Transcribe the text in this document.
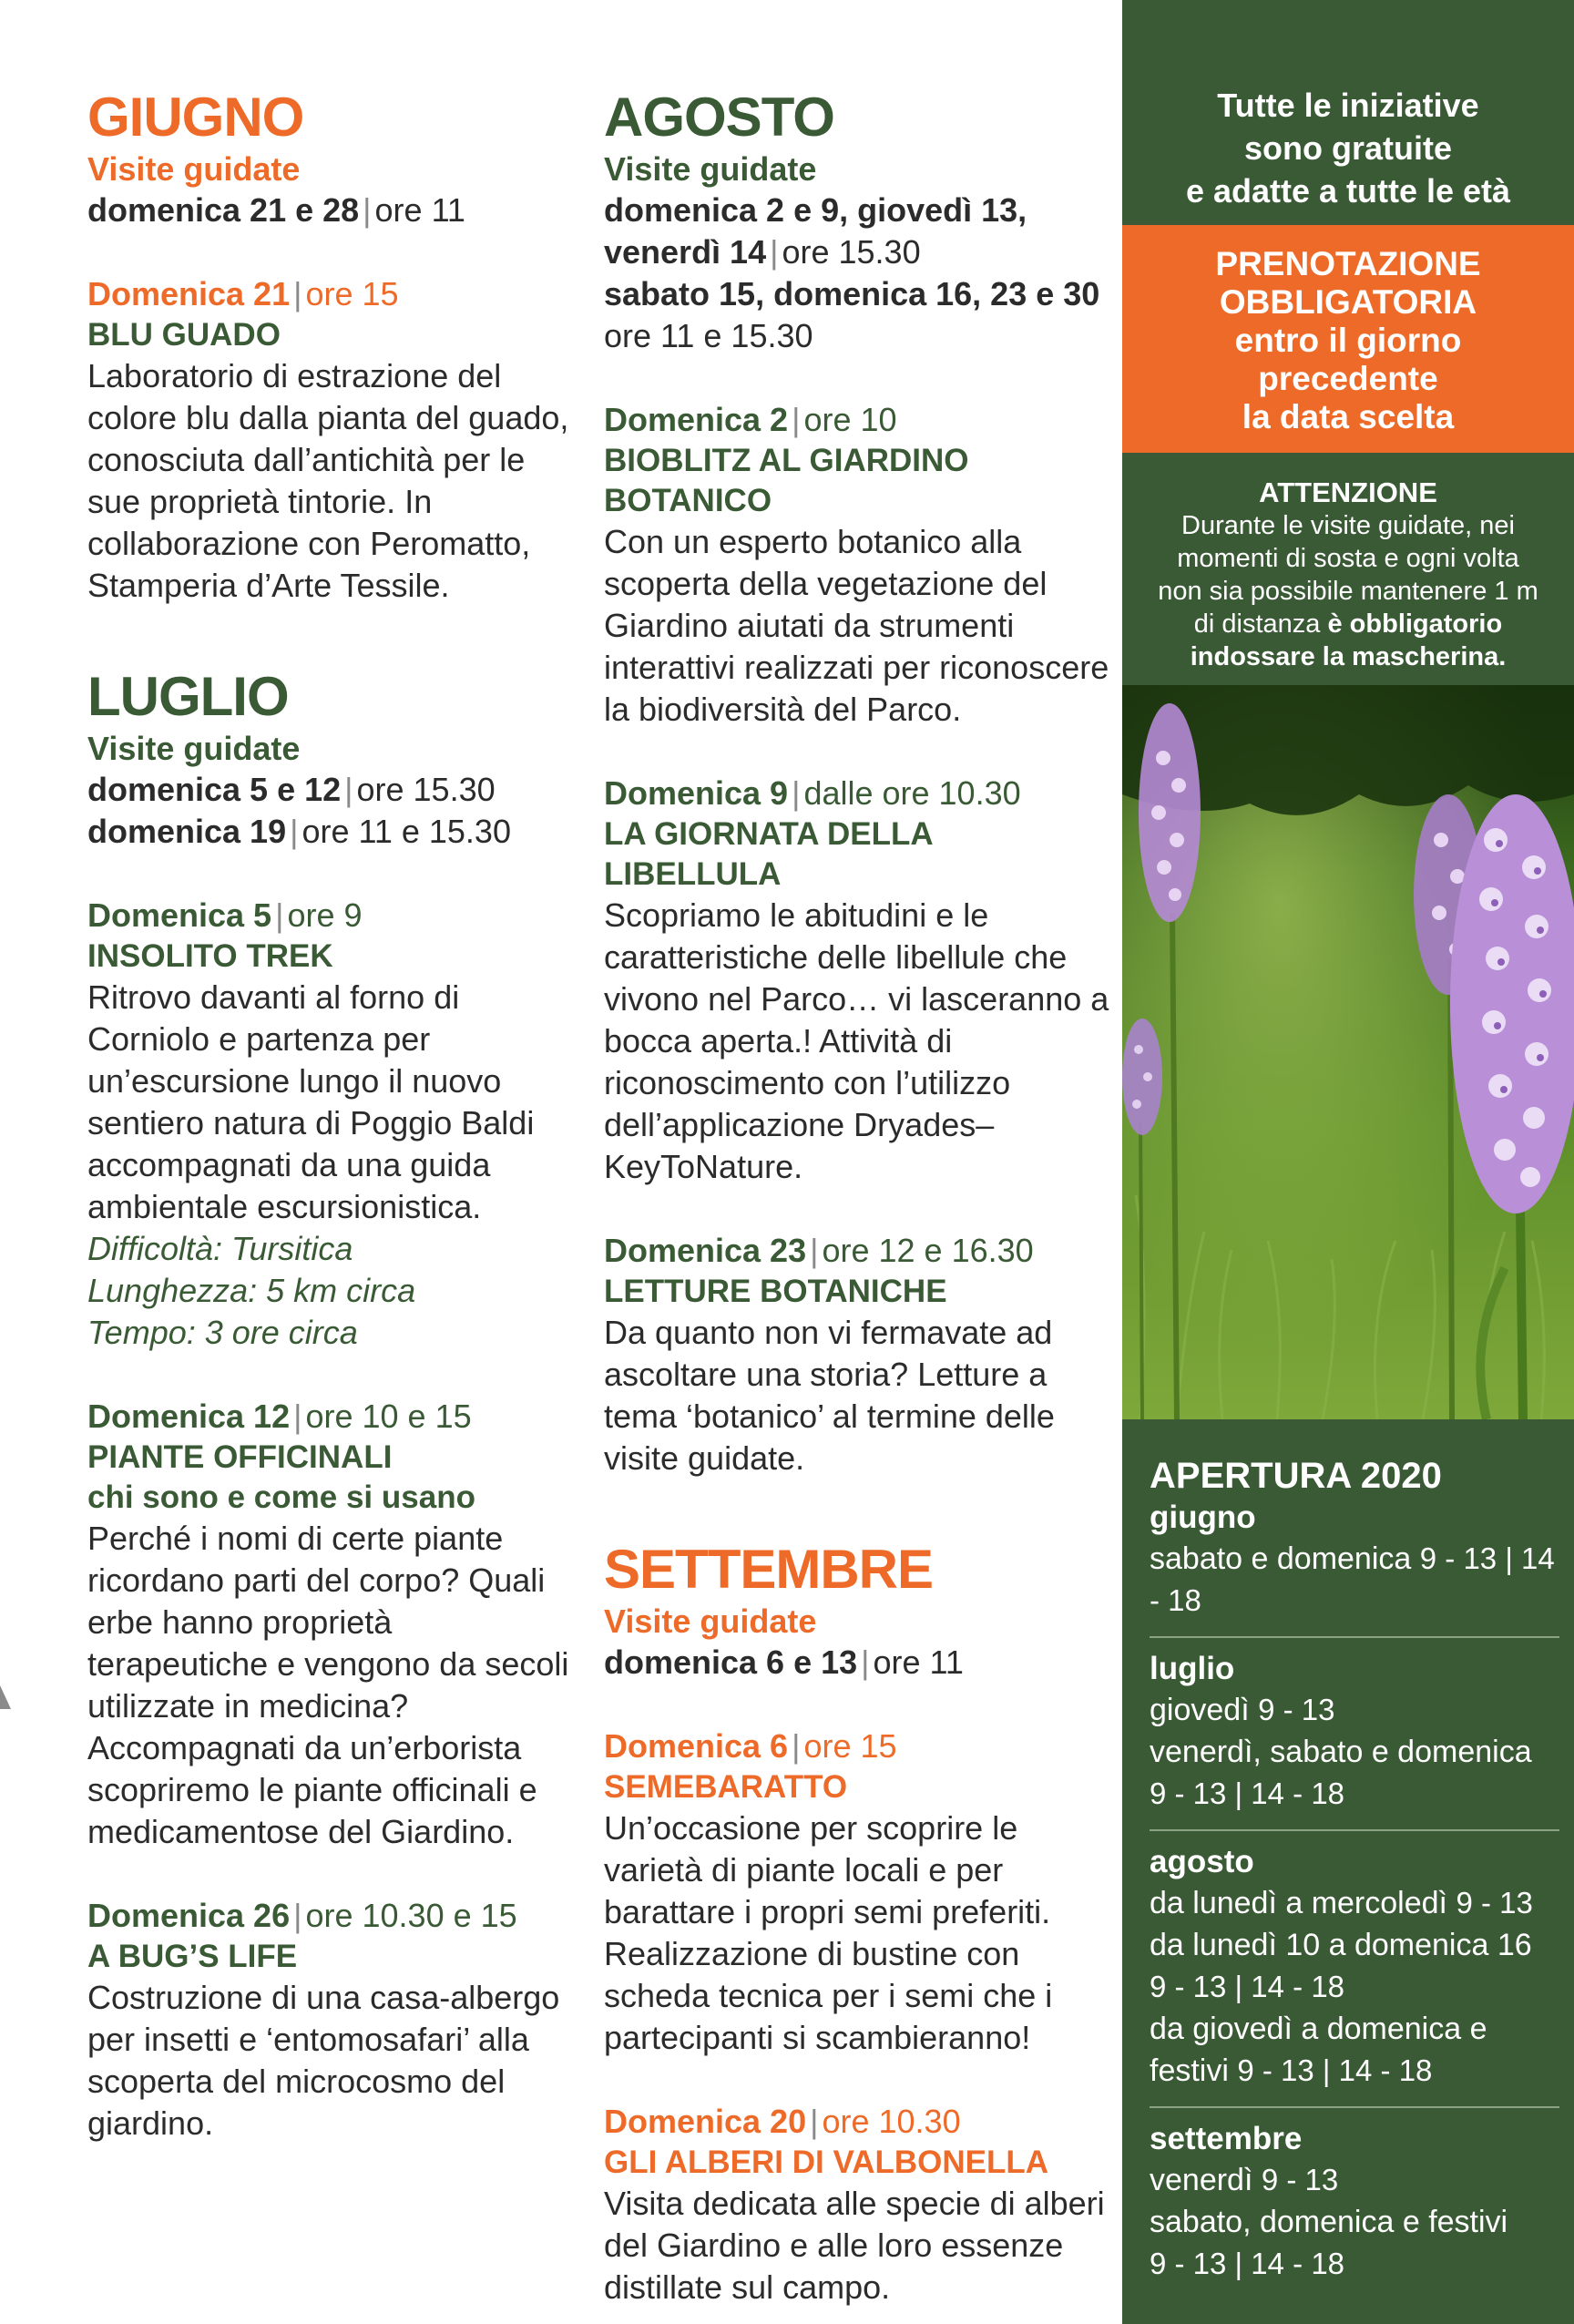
GIUGNO
Visite guidate
domenica 21 e 28 | ore 11
Domenica 21 | ore 15
BLU GUADO
Laboratorio di estrazione del colore blu dalla pianta del guado, conosciuta dall’antichità per le sue proprietà tintorie. In collaborazione con Peromatto, Stamperia d’Arte Tessile.
LUGLIO
Visite guidate
domenica 5 e 12 | ore 15.30
domenica 19 | ore 11 e 15.30
Domenica 5 | ore 9
INSOLITO TREK
Ritrovo davanti al forno di Corniolo e partenza per un’escursione lungo il nuovo sentiero natura di Poggio Baldi accompagnati da una guida ambientale escursionistica.
Difficoltà: Tursitica
Lunghezza: 5 km circa
Tempo: 3 ore circa
Domenica 12 | ore 10 e 15
PIANTE OFFICINALI
chi sono e come si usano
Perché i nomi di certe piante ricordano parti del corpo? Quali erbe hanno proprietà terapeutiche e vengono da secoli utilizzate in medicina? Accompagnati da un’erborista scopriremo le piante officinali e medicamentose del Giardino.
Domenica 26 | ore 10.30 e 15
A BUG’S LIFE
Costruzione di una casa-albergo per insetti e ‘entomosafari’ alla scoperta del microcosmo del giardino.
AGOSTO
Visite guidate
domenica 2 e 9, giovedì 13,
venerdì 14 | ore 15.30
sabato 15, domenica 16, 23 e 30
ore 11 e 15.30
Domenica 2 | ore 10
BIOBLITZ AL GIARDINO BOTANICO
Con un esperto botanico alla scoperta della vegetazione del Giardino aiutati da strumenti interattivi realizzati per riconoscere la biodiversità del Parco.
Domenica 9 | dalle ore 10.30
LA GIORNATA DELLA LIBELLULA
Scopriamo le abitudini e le caratteristiche delle libellule che vivono nel Parco… vi lasceranno a bocca aperta.! Attività di riconoscimento con l’utilizzo dell’applicazione Dryades–KeyToNature.
Domenica 23 | ore 12 e 16.30
LETTURE BOTANICHE
Da quanto non vi fermavate ad ascoltare una storia? Letture a tema ‘botanico’ al termine delle visite guidate.
SETTEMBRE
Visite guidate
domenica 6 e 13 | ore 11
Domenica 6 | ore 15
SEMEBARATTO
Un’occasione per scoprire le varietà di piante locali e per barattare i propri semi preferiti. Realizzazione di bustine con scheda tecnica per i semi che i partecipanti si scambieranno!
Domenica 20 | ore 10.30
GLI ALBERI DI VALBONELLA
Visita dedicata alle specie di alberi del Giardino e alle loro essenze distillate sul campo.
Tutte le iniziative
sono gratuite
e adatte a tutte le età
PRENOTAZIONE
OBBLIGATORIA
entro il giorno
precedente
la data scelta
ATTENZIONE
Durante le visite guidate, nei
momenti di sosta e ogni volta
non sia possibile mantenere 1 m
di distanza è obbligatorio
indossare la mascherina.
APERTURA 2020
giugno
sabato e domenica 9 - 13 | 14 - 18
luglio
giovedì 9 - 13
venerdì, sabato e domenica
9 - 13 | 14 - 18
agosto
da lunedì a mercoledì 9 - 13
da lunedì 10 a domenica 16
9 - 13 | 14 - 18
da giovedì a domenica e
festivi 9 - 13 | 14 - 18
settembre
venerdì 9 - 13
sabato, domenica e festivi
9 - 13 | 14 - 18
